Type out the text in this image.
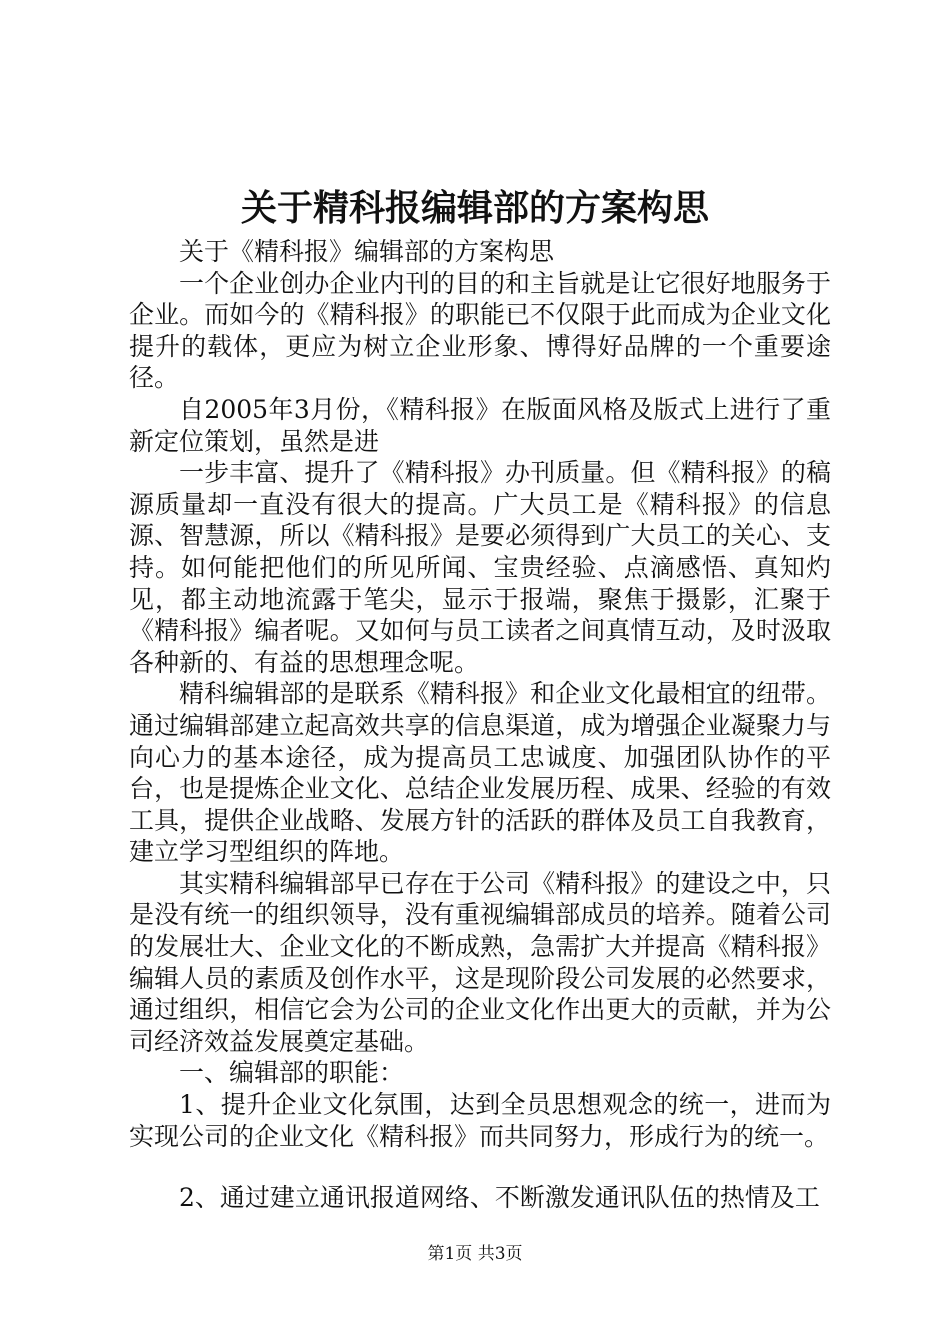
关于精科报编辑部的方案构思

关于《精科报》编辑部的方案构思

一个企业创办企业内刊的目的和主旨就是让它很好地服务于企业。而如今的《精科报》的职能已不仅限于此而成为企业文化提升的载体，更应为树立企业形象、博得好品牌的一个重要途径。

自2005年3月份，《精科报》在版面风格及版式上进行了重新定位策划，虽然是进

一步丰富、提升了《精科报》办刊质量。但《精科报》的稿源质量却一直没有很大的提高。广大员工是《精科报》的信息源、智慧源，所以《精科报》是要必须得到广大员工的关心、支持。如何能把他们的所见所闻、宝贵经验、点滴感悟、真知灼见，都主动地流露于笔尖，显示于报端，聚焦于摄影，汇聚于《精科报》编者呢。又如何与员工读者之间真情互动，及时汲取各种新的、有益的思想理念呢。

精科编辑部的是联系《精科报》和企业文化最相宜的纽带。通过编辑部建立起高效共享的信息渠道，成为增强企业凝聚力与向心力的基本途径，成为提高员工忠诚度、加强团队协作的平台，也是提炼企业文化、总结企业发展历程、成果、经验的有效工具，提供企业战略、发展方针的活跃的群体及员工自我教育，建立学习型组织的阵地。

其实精科编辑部早已存在于公司《精科报》的建设之中，只是没有统一的组织领导，没有重视编辑部成员的培养。随着公司的发展壮大、企业文化的不断成熟，急需扩大并提高《精科报》编辑人员的素质及创作水平，这是现阶段公司发展的必然要求，通过组织，相信它会为公司的企业文化作出更大的贡献，并为公司经济效益发展奠定基础。

一、编辑部的职能：

1、提升企业文化氛围，达到全员思想观念的统一，进而为实现公司的企业文化《精科报》而共同努力，形成行为的统一。

2、通过建立通讯报道网络、不断激发通讯队伍的热情及工

第1页 共3页
